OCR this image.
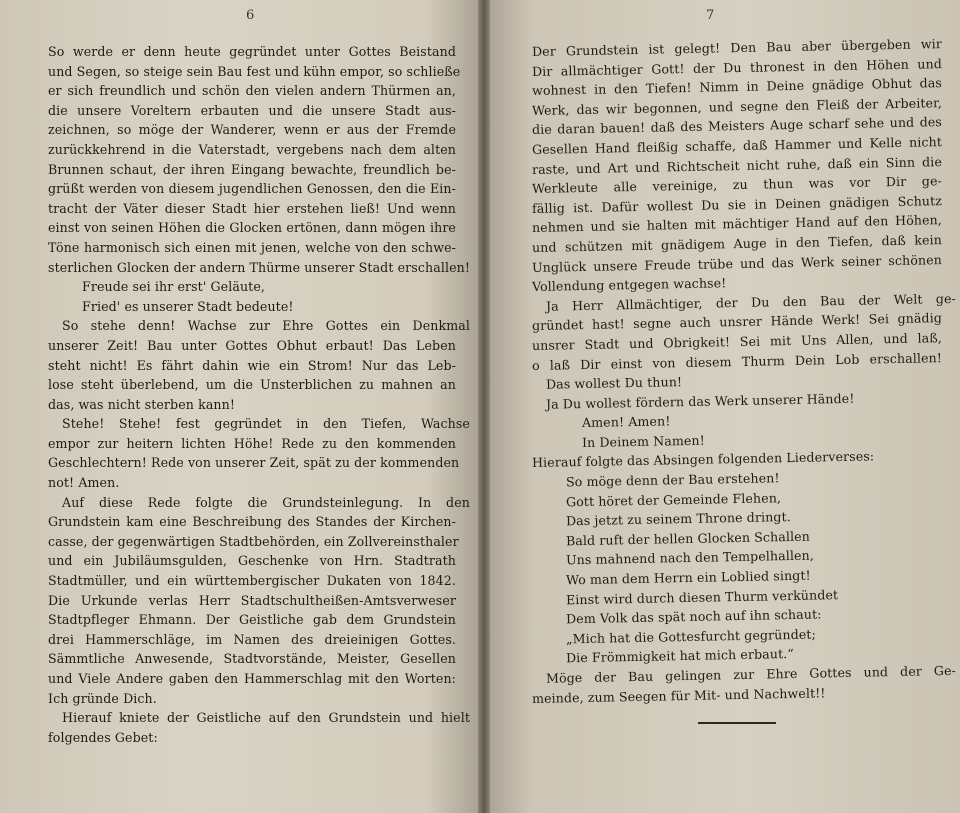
6
So werde er denn heute gegründet unter Gottes Beistand
und Segen, so steige sein Bau fest und kühn empor, so schließe
er sich freundlich und schön den vielen andern Thürmen an,
die unsere Voreltern erbauten und die unsere Stadt aus-
zeichnen, so möge der Wanderer, wenn er aus der Fremde
zurückkehrend in die Vaterstadt, vergebens nach dem alten
Brunnen schaut, der ihren Eingang bewachte, freundlich be-
grüßt werden von diesem jugendlichen Genossen, den die Ein-
tracht der Väter dieser Stadt hier erstehen ließ! Und wenn
einst von seinen Höhen die Glocken ertönen, dann mögen ihre
Töne harmonisch sich einen mit jenen, welche von den schwe-
sterlichen Glocken der andern Thürme unserer Stadt erschallen!
Freude sei ihr erst' Geläute,
Fried' es unserer Stadt bedeute!
So stehe denn! Wachse zur Ehre Gottes ein Denkmal
unserer Zeit! Bau unter Gottes Obhut erbaut! Das Leben
steht nicht! Es fährt dahin wie ein Strom! Nur das Leb-
lose steht überlebend, um die Unsterblichen zu mahnen an
das, was nicht sterben kann!
Stehe! Stehe! fest gegründet in den Tiefen, Wachse
empor zur heitern lichten Höhe! Rede zu den kommenden
Geschlechtern! Rede von unserer Zeit, spät zu der kommenden
not! Amen.
Auf diese Rede folgte die Grundsteinlegung. In den
Grundstein kam eine Beschreibung des Standes der Kirchen-
casse, der gegenwärtigen Stadtbehörden, ein Zollvereinsthaler
und ein Jubiläumsgulden, Geschenke von Hrn. Stadtrath
Stadtmüller, und ein württembergischer Dukaten von 1842.
Die Urkunde verlas Herr Stadtschultheißen-Amtsverweser
Stadtpfleger Ehmann. Der Geistliche gab dem Grundstein
drei Hammerschläge, im Namen des dreieinigen Gottes.
Sämmtliche Anwesende, Stadtvorstände, Meister, Gesellen
und Viele Andere gaben den Hammerschlag mit den Worten:
Ich gründe Dich.
Hierauf kniete der Geistliche auf den Grundstein und hielt
folgendes Gebet:
7
Der Grundstein ist gelegt! Den Bau aber übergeben wir
Dir allmächtiger Gott! der Du thronest in den Höhen und
wohnest in den Tiefen! Nimm in Deine gnädige Obhut das
Werk, das wir begonnen, und segne den Fleiß der Arbeiter,
die daran bauen! daß des Meisters Auge scharf sehe und des
Gesellen Hand fleißig schaffe, daß Hammer und Kelle nicht
raste, und Art und Richtscheit nicht ruhe, daß ein Sinn die
Werkleute alle vereinige, zu thun was vor Dir ge-
fällig ist. Dafür wollest Du sie in Deinen gnädigen Schutz
nehmen und sie halten mit mächtiger Hand auf den Höhen,
und schützen mit gnädigem Auge in den Tiefen, daß kein
Unglück unsere Freude trübe und das Werk seiner schönen
Vollendung entgegen wachse!
Ja Herr Allmächtiger, der Du den Bau der Welt ge-
gründet hast! segne auch unsrer Hände Werk! Sei gnädig
unsrer Stadt und Obrigkeit! Sei mit Uns Allen, und laß,
o laß Dir einst von diesem Thurm Dein Lob erschallen!
Das wollest Du thun!
Ja Du wollest fördern das Werk unserer Hände!
Amen! Amen!
In Deinem Namen!
Hierauf folgte das Absingen folgenden Liederverses:
So möge denn der Bau erstehen!
Gott höret der Gemeinde Flehen,
Das jetzt zu seinem Throne dringt.
Bald ruft der hellen Glocken Schallen
Uns mahnend nach den Tempelhallen,
Wo man dem Herrn ein Loblied singt!
Einst wird durch diesen Thurm verkündet
Dem Volk das spät noch auf ihn schaut:
„Mich hat die Gottesfurcht gegründet;
Die Frömmigkeit hat mich erbaut.“
Möge der Bau gelingen zur Ehre Gottes und der Ge-
meinde, zum Seegen für Mit- und Nachwelt!!
